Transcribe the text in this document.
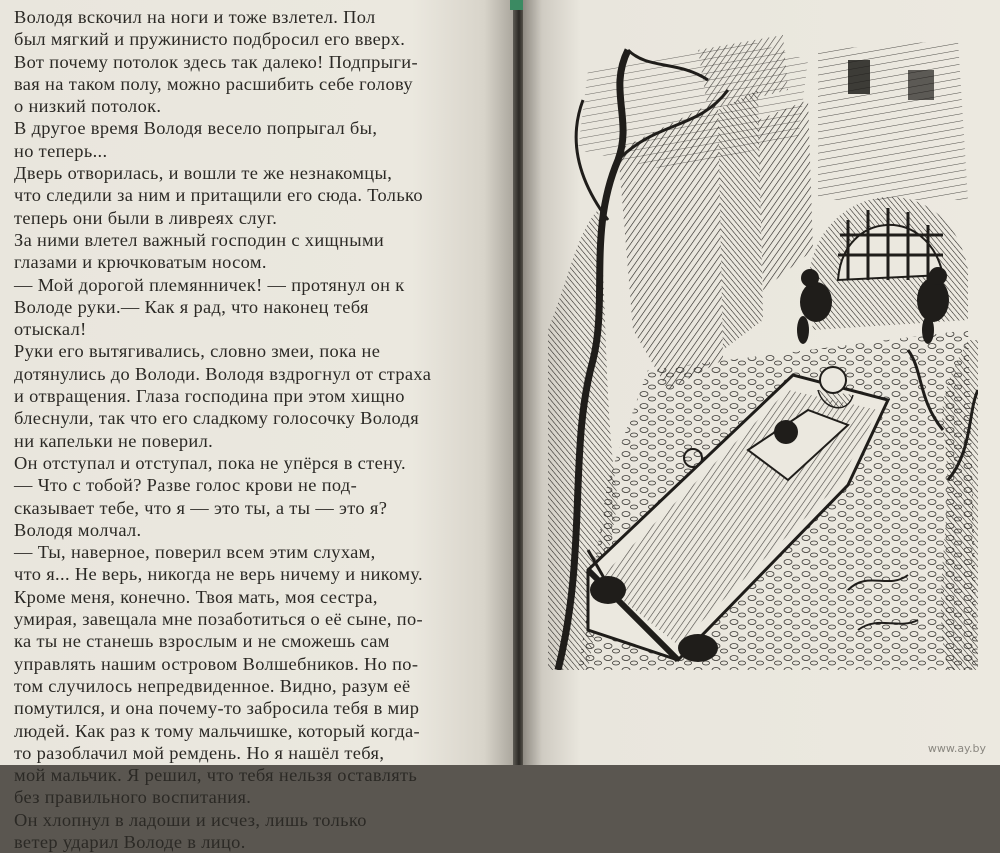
Володя вскочил на ноги и тоже взлетел. Пол
был мягкий и пружинисто подбросил его вверх.
Вот почему потолок здесь так далеко! Подпрыги-
вая на таком полу, можно расшибить себе голову
о низкий потолок.
В другое время Володя весело попрыгал бы,
но теперь...
Дверь отворилась, и вошли те же незнакомцы,
что следили за ним и притащили его сюда. Только
теперь они были в ливреях слуг.
За ними влетел важный господин с хищными
глазами и крючковатым носом.
— Мой дорогой племянничек! — протянул он к
Володе руки.— Как я рад, что наконец тебя
отыскал!
Руки его вытягивались, словно змеи, пока не
дотянулись до Володи. Володя вздрогнул от страха
и отвращения. Глаза господина при этом хищно
блеснули, так что его сладкому голосочку Володя
ни капельки не поверил.
Он отступал и отступал, пока не упёрся в стену.
— Что с тобой? Разве голос крови не под-
сказывает тебе, что я — это ты, а ты — это я?
Володя молчал.
— Ты, наверное, поверил всем этим слухам,
что я... Не верь, никогда не верь ничему и никому.
Кроме меня, конечно. Твоя мать, моя сестра,
умирая, завещала мне позаботиться о её сыне, по-
ка ты не станешь взрослым и не сможешь сам
управлять нашим островом Волшебников. Но по-
том случилось непредвиденное. Видно, разум её
помутился, и она почему-то забросила тебя в мир
людей. Как раз к тому мальчишке, который когда-
то разоблачил мой ремдень. Но я нашёл тебя,
мой мальчик. Я решил, что тебя нельзя оставлять
без правильного воспитания.
Он хлопнул в ладоши и исчез, лишь только
ветер ударил Володе в лицо.
www.ay.by
